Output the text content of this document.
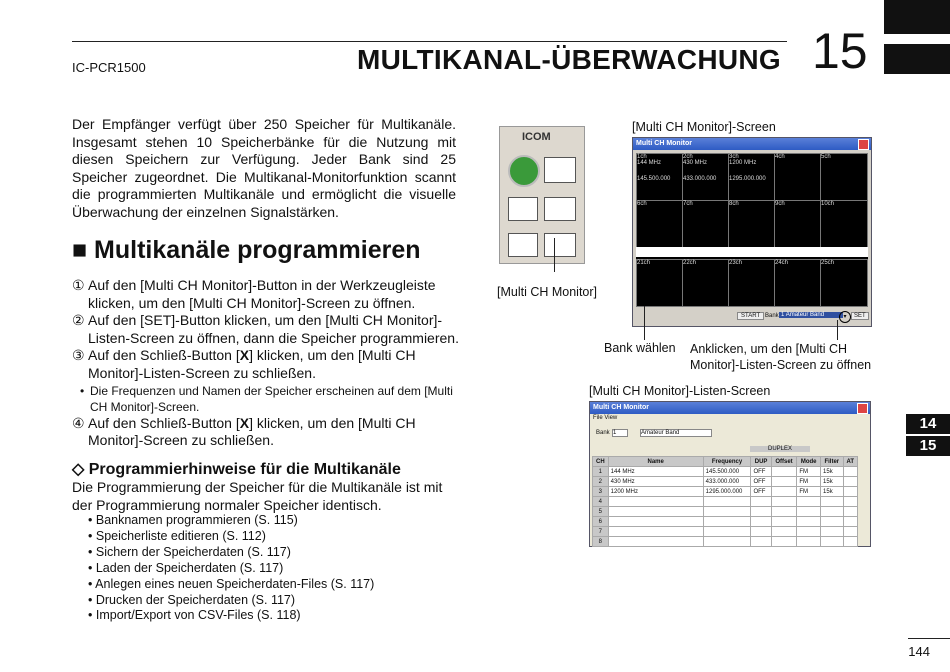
IC-PCR1500	MULTIKANAL-ÜBERWACHUNG 15
Der Empfänger verfügt über 250 Speicher für Multikanäle. Insgesamt stehen 10 Speicherbänke für die Nutzung mit diesen Speichern zur Verfügung. Jeder Bank sind 25 Speicher zugeordnet. Die Multikanal-Monitorfunktion scannt die programmierten Multikanäle und ermöglicht die visuelle Überwachung der einzelnen Signalstärken.
■ Multikanäle programmieren
① Auf den [Multi CH Monitor]-Button in der Werkzeugleiste klicken, um den [Multi CH Monitor]-Screen zu öffnen.
② Auf den [SET]-Button klicken, um den [Multi CH Monitor]-Listen-Screen zu öffnen, dann die Speicher programmieren.
③ Auf den Schließ-Button [X] klicken, um den [Multi CH Monitor]-Listen-Screen zu schließen.
• Die Frequenzen und Namen der Speicher erscheinen auf dem [Multi CH Monitor]-Screen.
④ Auf den Schließ-Button [X] klicken, um den [Multi CH Monitor]-Screen zu schließen.
◇ Programmierhinweise für die Multikanäle
Die Programmierung der Speicher für die Multikanäle ist mit der Programmierung normaler Speicher identisch.
• Banknamen programmieren (S. 115)
• Speicherliste editieren (S. 112)
• Sichern der Speicherdaten (S. 117)
• Laden der Speicherdaten (S. 117)
• Anlegen eines neuen Speicherdaten-Files (S. 117)
• Drucken der Speicherdaten (S. 117)
• Import/Export von CSV-Files (S. 118)
ICOM
[Multi CH Monitor]
[Multi CH Monitor]-Screen
Multi CH Monitor
1ch
144 MHz
145.500.000
2ch
430 MHz
433.000.000
3ch
1200 MHz
1295.000.000
4ch	5ch
6ch	7ch	8ch	9ch	10ch
21ch	22ch	23ch	24ch	25ch
START Bank 1 Amateur Band	▾	SET
Bank wählen Anklicken, um den [Multi CH Monitor]-Listen-Screen zu öffnen
[Multi CH Monitor]-Listen-Screen
Multi CH Monitor
File View
Bank 1	Amateur Band
DUPLEX
CH	Name	Frequency	DUP	Offset	Mode	Filter	AT
1	144 MHz	145.500.000	OFF		FM	15k	
2	430 MHz	433.000.000	OFF		FM	15k	
3	1200 MHz	1295.000.000	OFF		FM	15k	
4							
5							
6							
7							
8							
14
15
144
